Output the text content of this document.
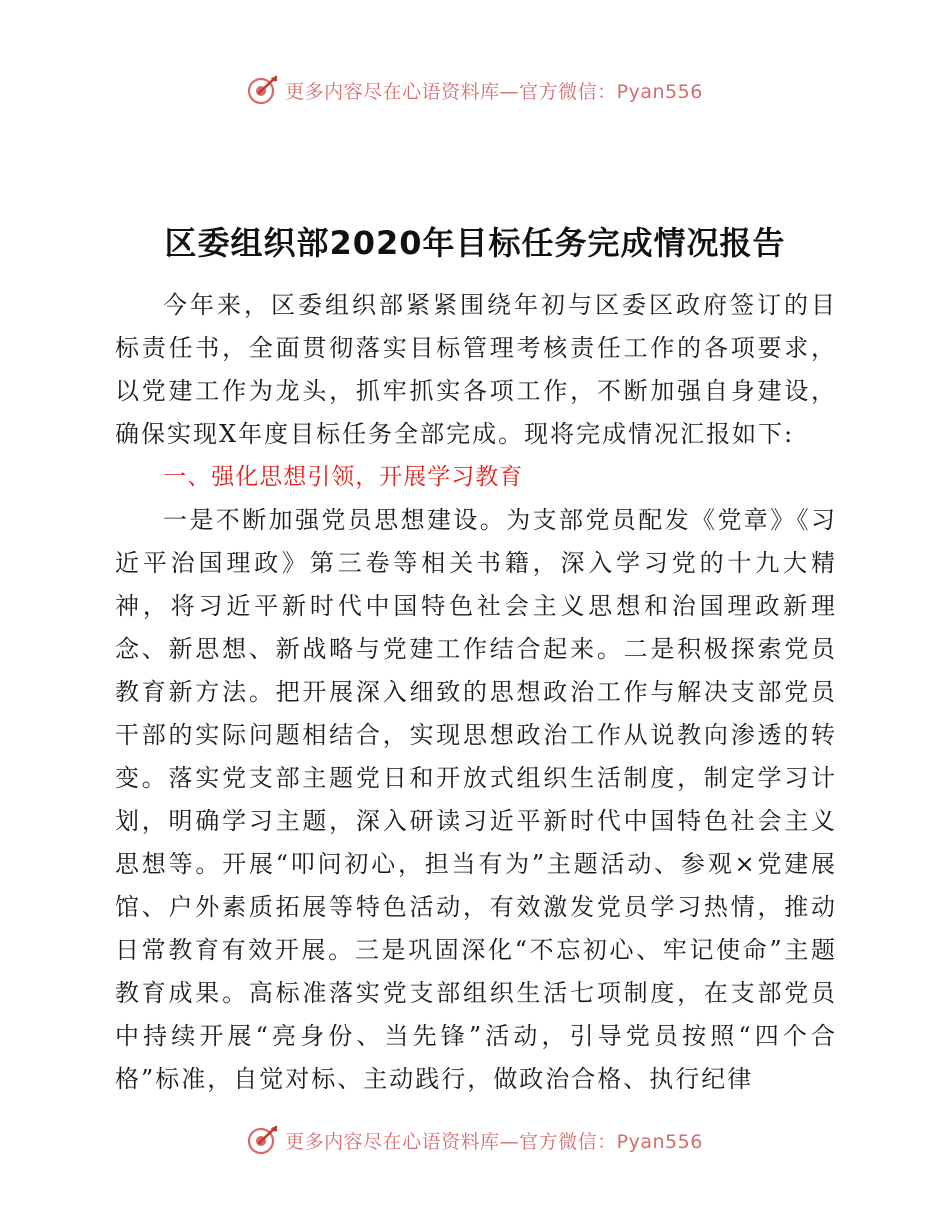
更多内容尽在心语资料库—官方微信：Pyan556
区委组织部2020年目标任务完成情况报告

今年来，区委组织部紧紧围绕年初与区委区政府签订的目标责任书，全面贯彻落实目标管理考核责任工作的各项要求，以党建工作为龙头，抓牢抓实各项工作，不断加强自身建设，确保实现X年度目标任务全部完成。现将完成情况汇报如下:

一、强化思想引领，开展学习教育

一是不断加强党员思想建设。为支部党员配发《党章》《习近平治国理政》第三卷等相关书籍，深入学习党的十九大精神，将习近平新时代中国特色社会主义思想和治国理政新理念、新思想、新战略与党建工作结合起来。二是积极探索党员教育新方法。把开展深入细致的思想政治工作与解决支部党员干部的实际问题相结合，实现思想政治工作从说教向渗透的转变。落实党支部主题党日和开放式组织生活制度，制定学习计划，明确学习主题，深入研读习近平新时代中国特色社会主义思想等。开展“叩问初心，担当有为”主题活动、参观×党建展馆、户外素质拓展等特色活动，有效激发党员学习热情，推动日常教育有效开展。三是巩固深化“不忘初心、牢记使命”主题教育成果。高标准落实党支部组织生活七项制度，在支部党员中持续开展“亮身份、当先锋”活动，引导党员按照“四个合格”标准，自觉对标、主动践行，做政治合格、执行纪律

更多内容尽在心语资料库—官方微信：Pyan556
